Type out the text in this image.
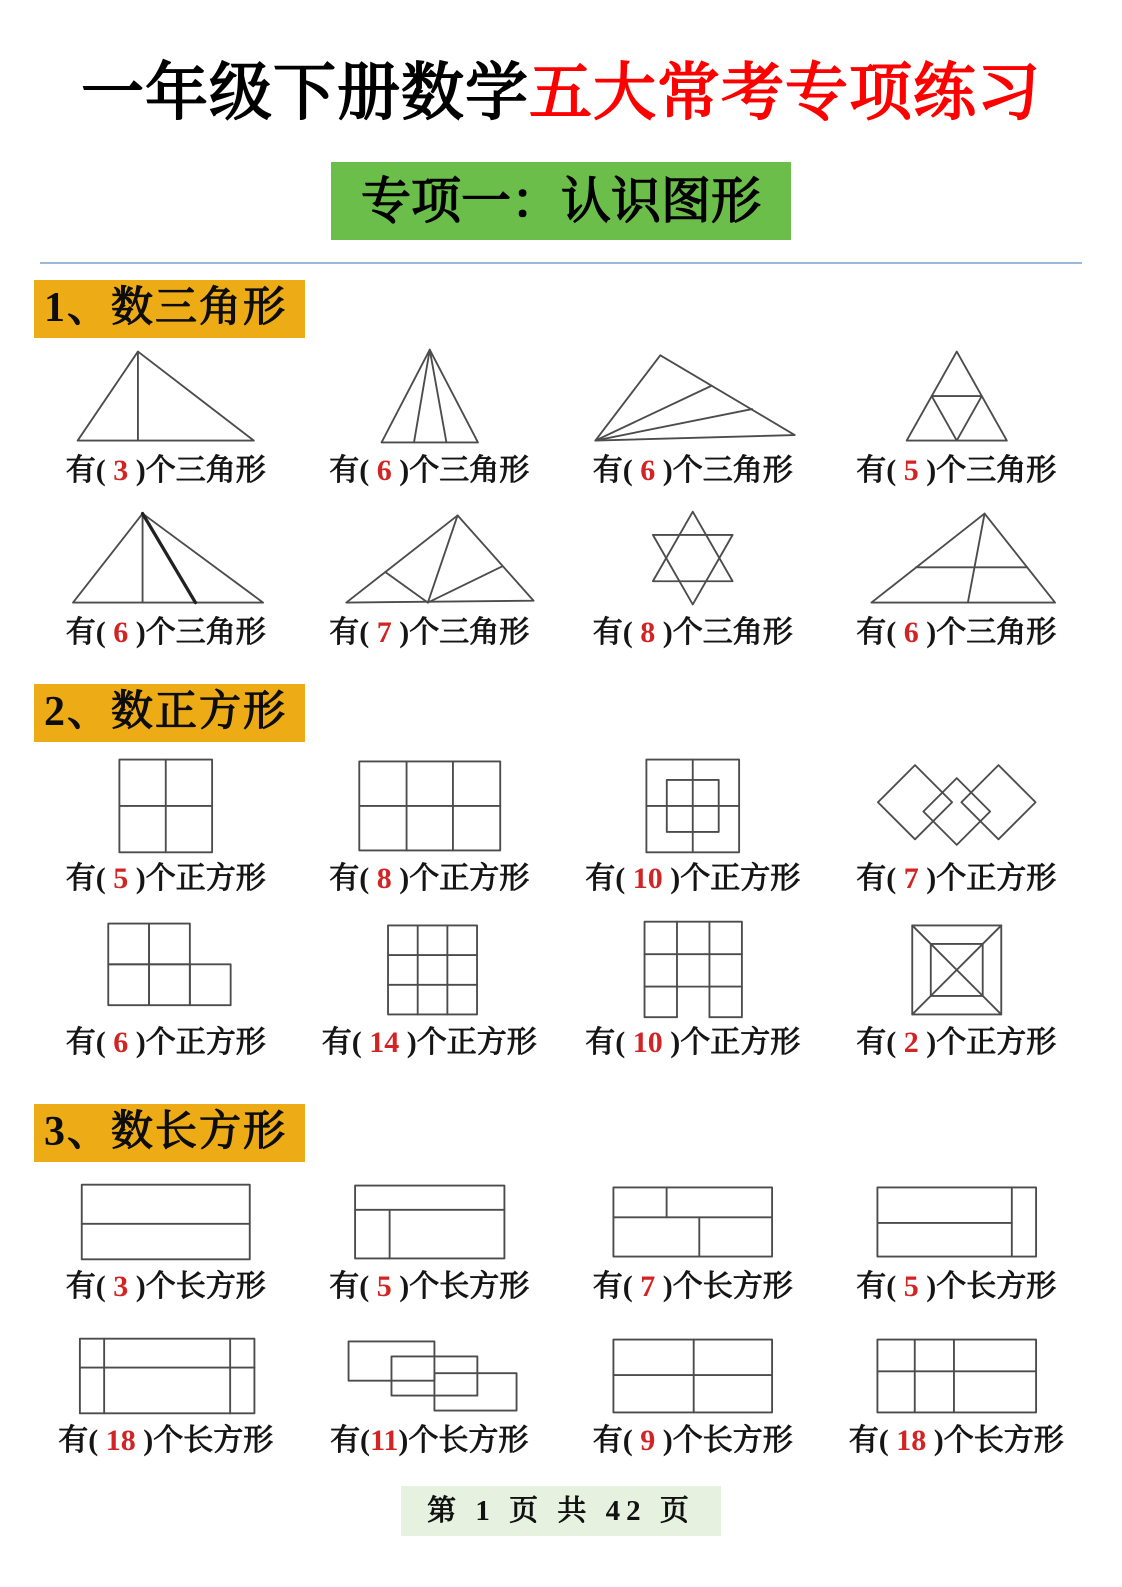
一年级下册数学五大常考专项练习
专项一：认识图形
1、数三角形
有( 3 )个三角形 有( 6 )个三角形 有( 6 )个三角形 有( 5 )个三角形
有( 6 )个三角形 有( 7 )个三角形 有( 8 )个三角形 有( 6 )个三角形
2、数正方形
有( 5 )个正方形 有( 8 )个正方形 有( 10 )个正方形 有( 7 )个正方形
有( 6 )个正方形 有( 14 )个正方形 有( 10 )个正方形 有( 2 )个正方形
3、数长方形
有( 3 )个长方形 有( 5 )个长方形 有( 7 )个长方形 有( 5 )个长方形
有( 18 )个长方形 有(11)个长方形 有( 9 )个长方形 有( 18 )个长方形
第 1 页 共 42 页
